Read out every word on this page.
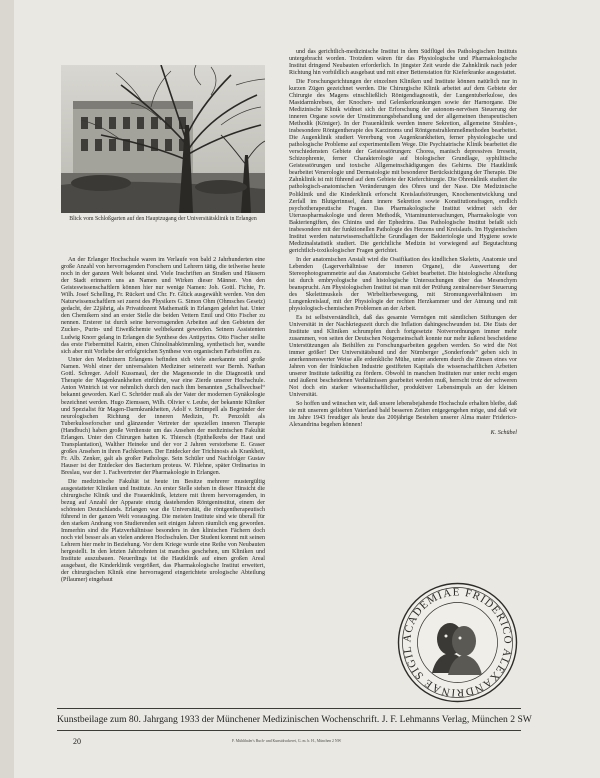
Blick vom Schloßgarten auf den Hauptzugang der Universitätsklinik in Erlangen

An der Erlanger Hochschule waren im Verlaufe von bald 2 Jahrhunderten eine große Anzahl von hervorragenden Forschern und Lehrern tätig, die teilweise heute noch in der ganzen Welt bekannt sind. Viele Inschriften an Straßen und Häusern der Stadt erinnern uns an Namen und Wirken dieser Männer. Von den Geisteswissenschaftlern können hier nur wenige Namen: Joh. Gottl. Fichte, Fr. Wilh. Josef Schelling, Fr. Rückert und Chr. Fr. Glück ausgewählt werden. Von den Naturwissenschaftlern sei zuerst des Physikers G. Simon Ohm (Ohmsches Gesetz) gedacht, der 22jährig, als Privatdozent Mathematik in Erlangen gelehrt hat. Unter den Chemikern sind an erster Stelle die beiden Vettern Emil und Otto Fischer zu nennen. Ersterer ist durch seine hervorragenden Arbeiten auf den Gebieten der Zucker-, Purin- und Eiweißchemie weltbekannt geworden. Seinem Assistenten Ludwig Knorr gelang in Erlangen die Synthese des Antipyrins. Otto Fischer stellte das erste Fiebermittel Kairin, einen Chinolinabkömmling, synthetisch her, wandte sich aber mit Vorliebe der erfolgreichen Synthese von organischen Farbstoffen zu.

Unter den Medizinern Erlangens befinden sich viele anerkannte und große Namen. Wohl einer der universalsten Mediziner seinerzeit war Bernh. Nathan Gottl. Schreger. Adolf Kussmaul, der die Magensonde in die Diagnostik und Therapie der Magenkrankheiten einführte, war eine Zierde unserer Hochschule. Anton Wintrich ist vor nehmlich durch den nach ihm benannten „Schallwechsel“ bekannt geworden. Karl C. Schröder muß als der Vater der modernen Gynäkologie bezeichnet werden. Hugo Ziemssen, Wilh. Olivier v. Leube, der bekannte Kliniker und Spezialist für Magen-Darmkrankheiten, Adolf v. Strümpell als Begründer der neurologischen Richtung der inneren Medizin, Fr. Penzoldt als Tuberkuloseforscher und glänzender Vertreter der speziellen inneren Therapie (Handbuch) haben große Verdienste um das Ansehen der medizinischen Fakultät Erlangen. Unter den Chirurgen hatten K. Thiersch (Epithelkrebs der Haut und Transplantation), Walther Heineke und der vor 2 Jahren verstorbene E. Graser großes Ansehen in ihren Fachkreisen. Der Entdecker der Trichinosis als Krankheit, Fr. Alb. Zenker, galt als großer Pathologe. Sein Schüler und Nachfolger Gustav Hauser ist der Entdecker des Bacterium proteus. W. Filehne, später Ordinarius in Breslau, war der 1. Fachvertreter der Pharmakologie in Erlangen.

Die medizinische Fakultät ist heute im Besitze mehrerer mustergültig ausgestatteter Kliniken und Institute. An erster Stelle stehen in dieser Hinsicht die chirurgische Klinik und die Frauenklinik, letztere mit ihrem hervorragenden, in bezug auf Anzahl der Apparate einzig dastehenden Röntgeninstitut, einem der schönsten Deutschlands. Erlangen war die Universität, die röntgentherapeutisch führend in der ganzen Welt vorausging. Die meisten Institute sind wie überall für den starken Andrang von Studierenden seit einigen Jahren räumlich eng geworden. Immerhin sind die Platzverhältnisse besonders in den klinischen Fächern doch noch viel besser als an vielen anderen Hochschulen. Der Student kommt mit seinen Lehrern hier mehr in Beziehung. Vor dem Kriege wurde eine Reihe von Neubauten hergestellt. In den letzten Jahrzehnten ist manches geschehen, um Kliniken und Institute auszubauen. Neuerdings ist die Hautklinik auf einen großen Areal ausgebaut, die Kinderklinik vergrößert, das Pharmakologische Institut erweitert, der chirurgischen Klinik eine hervorragend eingerichtete urologische Abteilung (Pflaumer) eingebaut

und das gerichtlich-medizinische Institut in dem Südflügel des Pathologischen Instituts untergebracht worden. Trotzdem wären für das Physiologische und Pharmakologische Institut dringend Neubauten erforderlich. In jüngster Zeit wurde die Zahnklinik nach jeder Richtung hin vorbildlich ausgebaut und mit einer Bettenstation für Kieferkranke ausgestattet.

Die Forschungsrichtungen der einzelnen Kliniken und Institute können natürlich nur in kurzen Zügen gezeichnet werden. Die Chirurgische Klinik arbeitet auf dem Gebiete der Chirurgie des Magens einschließlich Röntgendiagnostik, der Lungentuberkulose, des Mastdarmkrebses, der Knochen- und Gelenkerkrankungen sowie der Harnorgane. Die Medizinische Klinik widmet sich der Erforschung der autonom-nervösen Steuerung der inneren Organe sowie der Umstimmungsbehandlung und der allgemeinen therapeutischen Methodik (Königer). In der Frauenklinik werden innere Sekretion, allgemeine Strahlen-, insbesondere Röntgentherapie des Karzinoms und Röntgenstrahlenmeßmethoden bearbeitet. Die Augenklinik studiert Vererbung von Augenkrankheiten, ferner physiologische und pathologische Probleme auf experimentellem Wege. Die Psychiatrische Klinik bearbeitet die verschiedensten Gebiete der Geistesstörungen: Chorea, manisch depressives Irresein, Schizophrenie, ferner Charakterologie auf biologischer Grundlage, syphilitische Geistesstörungen und toxische Allgemeinschädigungen des Gehirns. Die Hautklinik bearbeitet Venerologie und Dermatologie mit besonderer Berücksichtigung der Therapie. Die Zahnklinik ist mit führend auf dem Gebiete der Kieferchirurgie. Die Ohrenklinik studiert die pathologisch-anatomischen Veränderungen des Ohres und der Nase. Die Medizinische Poliklinik und die Kinderklinik erforscht Kreislaufstörungen, Knochenentwicklung und Zerfall im Blutgerinnsel, dann innere Sekretion sowie Konstitutionsfragen, endlich psychotherapeutische Fragen. Das Pharmakologische Institut widmet sich der Uterusspharmakologie und deren Methodik, Vitaminuntersuchungen, Pharmakologie von Bakteriengiften, des Chinins und der Ephedrins. Das Pathologische Institut befaßt sich insbesondere mit der funktionellen Pathologie des Herzens und Kreislaufs. Im Hygienischen Institut werden naturwissenschaftliche Grundlagen der Bakteriologie und Hygiene sowie Medizinalstatistik studiert. Die gerichtliche Medizin ist vorwiegend auf Begutachtung gerichtlich-toxikologischer Fragen gerichtet.

In der anatomischen Anstalt wird die Ossifikation des kindlichen Skeletts, Anatomie und Lebenden (Lagerverhältnisse der inneren Organe), die Auswertung der Stereophotogrammetrie auf das Anatomische Gebiet bearbeitet. Die histologische Abteilung ist durch embryologische und histologische Untersuchungen über das Mesenchym beansprucht. Am Physiologischen Institut ist man mit der Prüfung zentralnervöser Steuerung des Skelettmuskels der Wirbeltierbewegung, mit Stromungsverhältnissen im Lungenkreislauf, mit der Physiologie der rechten Herzkammer und der Atmung und mit physiologisch-chemischen Problemen an der Arbeit.

Es ist selbstverständlich, daß das gesamte Vermögen mit sämtlichen Stiftungen der Universität in der Nachkriegszeit durch die Inflation dahingeschwunden ist. Die Etats der Institute und Kliniken schrumpfen durch fortgesetzte Notverordnungen immer mehr zusammen, von seiten der Deutschen Notgemeinschaft konnte nur mehr äußerst bescheidene Unterstützungen als Beihilfen zu Forschungsarbeiten gegeben werden. So wird die Not immer größer! Der Universitätsbund und der Nürnberger „Sonderfonds“ geben sich in anerkennenswerter Weise alle erdenkliche Mühe, unter anderem durch die Zinsen eines vor Jahren von der fränkischen Industrie gestifteten Kapitals die wissenschaftlichen Arbeiten unserer Institute tatkräftig zu fördern. Obwohl in manchen Instituten nur unter recht engen und äußerst bescheidenen Verhältnissen gearbeitet werden muß, herrscht trotz der schweren Not doch ein starker wissenschaftlicher, produktiver Lebensimpuls an der kleinen Universität.

So hoffen und wünschen wir, daß unsere lebensbejahende Hochschule erhalten bleibe, daß sie mit unserem geliebten Vaterland bald besseren Zeiten entgegengehen möge, und daß wir im Jahre 1943 freudiger als heute das 200jährige Bestehen unserer Alma mater Friderico-Alexandrina begehen können!

K. Schübel
ACADEMIAE FRIDERICO ALEXANDRINAE SIGIL
Kunstbeilage zum 80. Jahrgang 1933 der Münchener Medizinischen Wochenschrift. J. F. Lehmanns Verlag, München 2 SW
20	F. Mühlthaler's Buch- und Kunstdruckerei, G. m. b. H., München 2 NW
